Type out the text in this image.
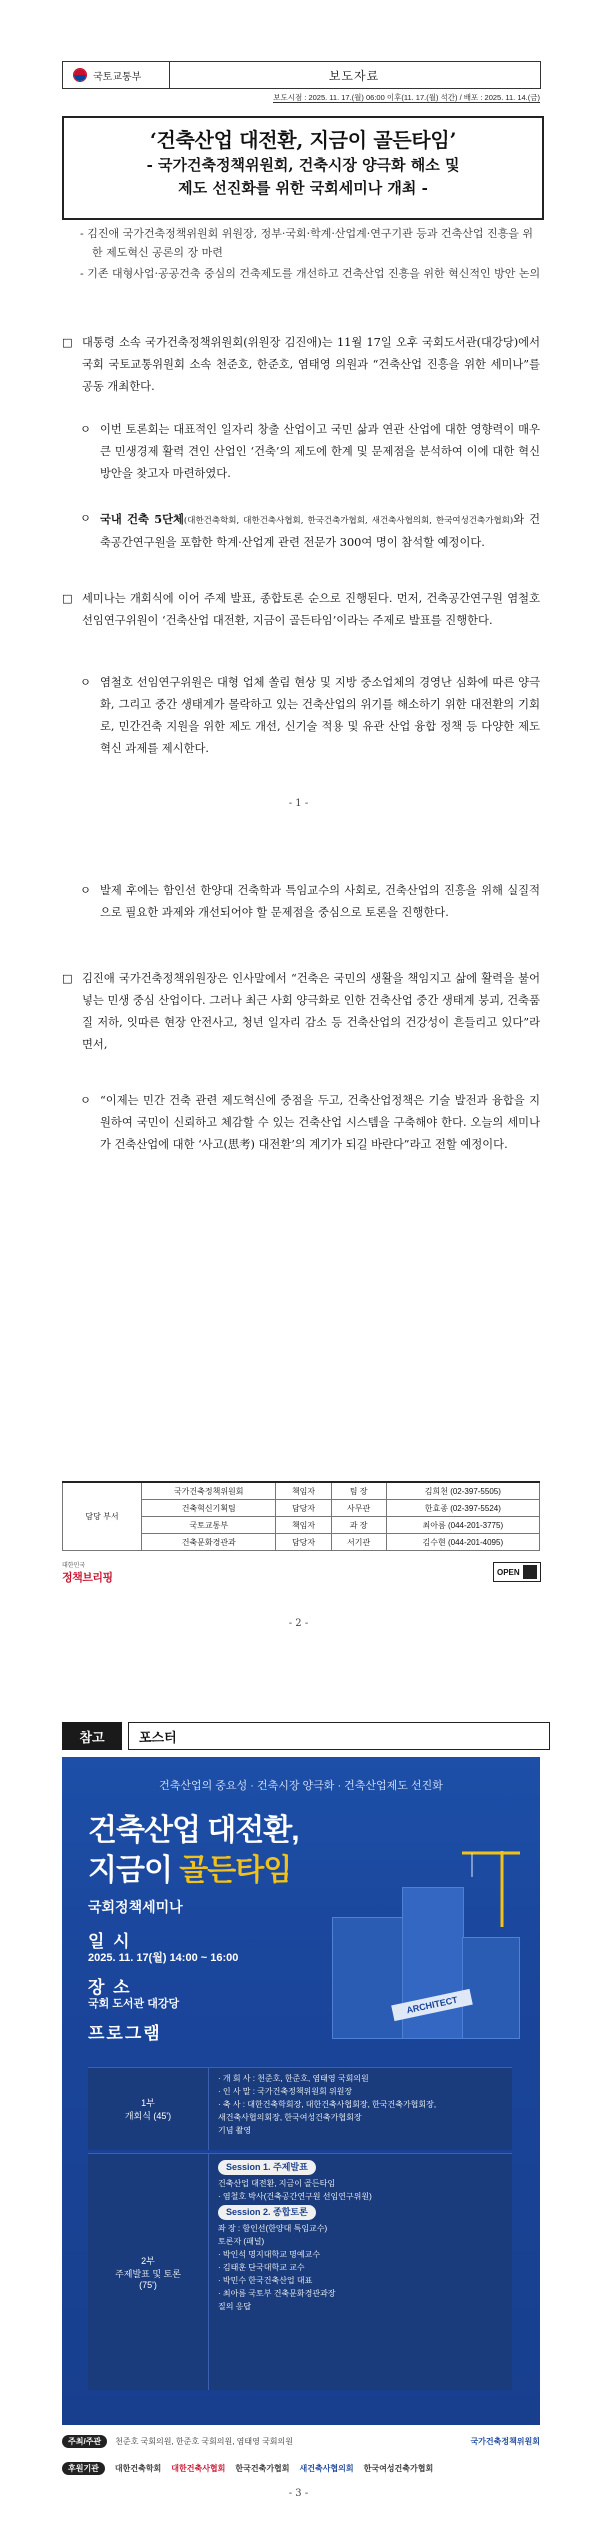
국토교통부	보도자료
보도시점 : 2025. 11. 17.(월) 06:00 이후(11. 17.(월) 석간) / 배포 : 2025. 11. 14.(금)
‘건축산업 대전환, 지금이 골든타임’
- 국가건축정책위원회, 건축시장 양극화 해소 및
제도 선진화를 위한 국회세미나 개최 -

- 김진애 국가건축정책위원회 위원장, 정부·국회·학계·산업계·연구기관 등과 건축산업 진흥을 위한 제도혁신 공론의 장 마련

- 기존 대형사업·공공건축 중심의 건축제도를 개선하고 건축산업 진흥을 위한 혁신적인 방안 논의

□ 대통령 소속 국가건축정책위원회(위원장 김진애)는 11월 17일 오후 국회도서관(대강당)에서 국회 국토교통위원회 소속 천준호, 한준호, 염태영 의원과 “건축산업 진흥을 위한 세미나”를 공동 개최한다.
ㅇ 이번 토론회는 대표적인 일자리 창출 산업이고 국민 삶과 연관 산업에 대한 영향력이 매우 큰 민생경제 활력 견인 산업인 ‘건축’의 제도에 한계 및 문제점을 분석하여 이에 대한 혁신 방안을 찾고자 마련하였다.
ㅇ 국내 건축 5단체(대한건축학회, 대한건축사협회, 한국건축가협회, 새건축사협의회, 한국여성건축가협회)와 건축공간연구원을 포함한 학계·산업계 관련 전문가 300여 명이 참석할 예정이다.
□ 세미나는 개회식에 이어 주제 발표, 종합토론 순으로 진행된다. 먼저, 건축공간연구원 염철호 선임연구위원이 ‘건축산업 대전환, 지금이 골든타임’이라는 주제로 발표를 진행한다.
ㅇ 염철호 선임연구위원은 대형 업체 쏠림 현상 및 지방 중소업체의 경영난 심화에 따른 양극화, 그리고 중간 생태계가 몰락하고 있는 건축산업의 위기를 해소하기 위한 대전환의 기회로, 민간건축 지원을 위한 제도 개선, 신기술 적용 및 유관 산업 융합 정책 등 다양한 제도 혁신 과제를 제시한다.
- 1 -
ㅇ 발제 후에는 함인선 한양대 건축학과 특임교수의 사회로, 건축산업의 진흥을 위해 실질적으로 필요한 과제와 개선되어야 할 문제점을 중심으로 토론을 진행한다.
□ 김진애 국가건축정책위원장은 인사말에서 “건축은 국민의 생활을 책임지고 삶에 활력을 불어넣는 민생 중심 산업이다. 그러나 최근 사회 양극화로 인한 건축산업 중간 생태계 붕괴, 건축품질 저하, 잇따른 현장 안전사고, 청년 일자리 감소 등 건축산업의 건강성이 흔들리고 있다”라면서,
ㅇ “이제는 민간 건축 관련 제도혁신에 중점을 두고, 건축산업정책은 기술 발전과 융합을 지원하여 국민이 신뢰하고 체감할 수 있는 건축산업 시스템을 구축해야 한다. 오늘의 세미나가 건축산업에 대한 ‘사고(思考) 대전환’의 계기가 되길 바란다”라고 전할 예정이다.
담당 부서	국가건축정책위원회	책임자	팀 장	김희천 (02-397-5505)
	건축혁신기획팀	담당자	사무관	한효종 (02-397-5524)
	국토교통부	책임자	과 장	최아름 (044-201-3775)
	건축문화경관과	담당자	서기관	김수현 (044-201-4095)
대한민국
정책브리핑	OPEN
- 2 -
참고	포스터
건축산업의 중요성 · 건축시장 양극화 · 건축산업제도 선진화
건축산업 대전환,
지금이 골든타임
국회정책세미나
일 시
2025. 11. 17(월) 14:00 ~ 16:00
장 소
국회 도서관 대강당
프로그램
ARCHITECT
1부
개회식 (45')
· 개 회 사 : 천준호, 한준호, 염태영 국회의원
· 인 사 말 : 국가건축정책위원회 위원장
· 축 사 : 대한건축학회장, 대한건축사협회장, 한국건축가협회장,
새건축사협의회장, 한국여성건축가협회장
기념 촬영
2부
주제발표 및 토론
(75')
Session 1. 주제발표
건축산업 대전환, 지금이 골든타임
· 염철호 박사(건축공간연구원 선임연구위원)
Session 2. 종합토론
좌 장 : 함인선(한양대 특임교수)
토론자 (패널)
· 박인석 명지대학교 명예교수
· 김태훈 단국대학교 교수
· 박민수 한국건축산업 대표
· 최아름 국토부 건축문화경관과장
질의 응답
주최/주관	천준호 국회의원, 한준호 국회의원, 염태영 국회의원	국가건축정책위원회
후원기관	대한건축학회 대한건축사협회 한국건축가협회 새건축사협의회 한국여성건축가협회
- 3 -
